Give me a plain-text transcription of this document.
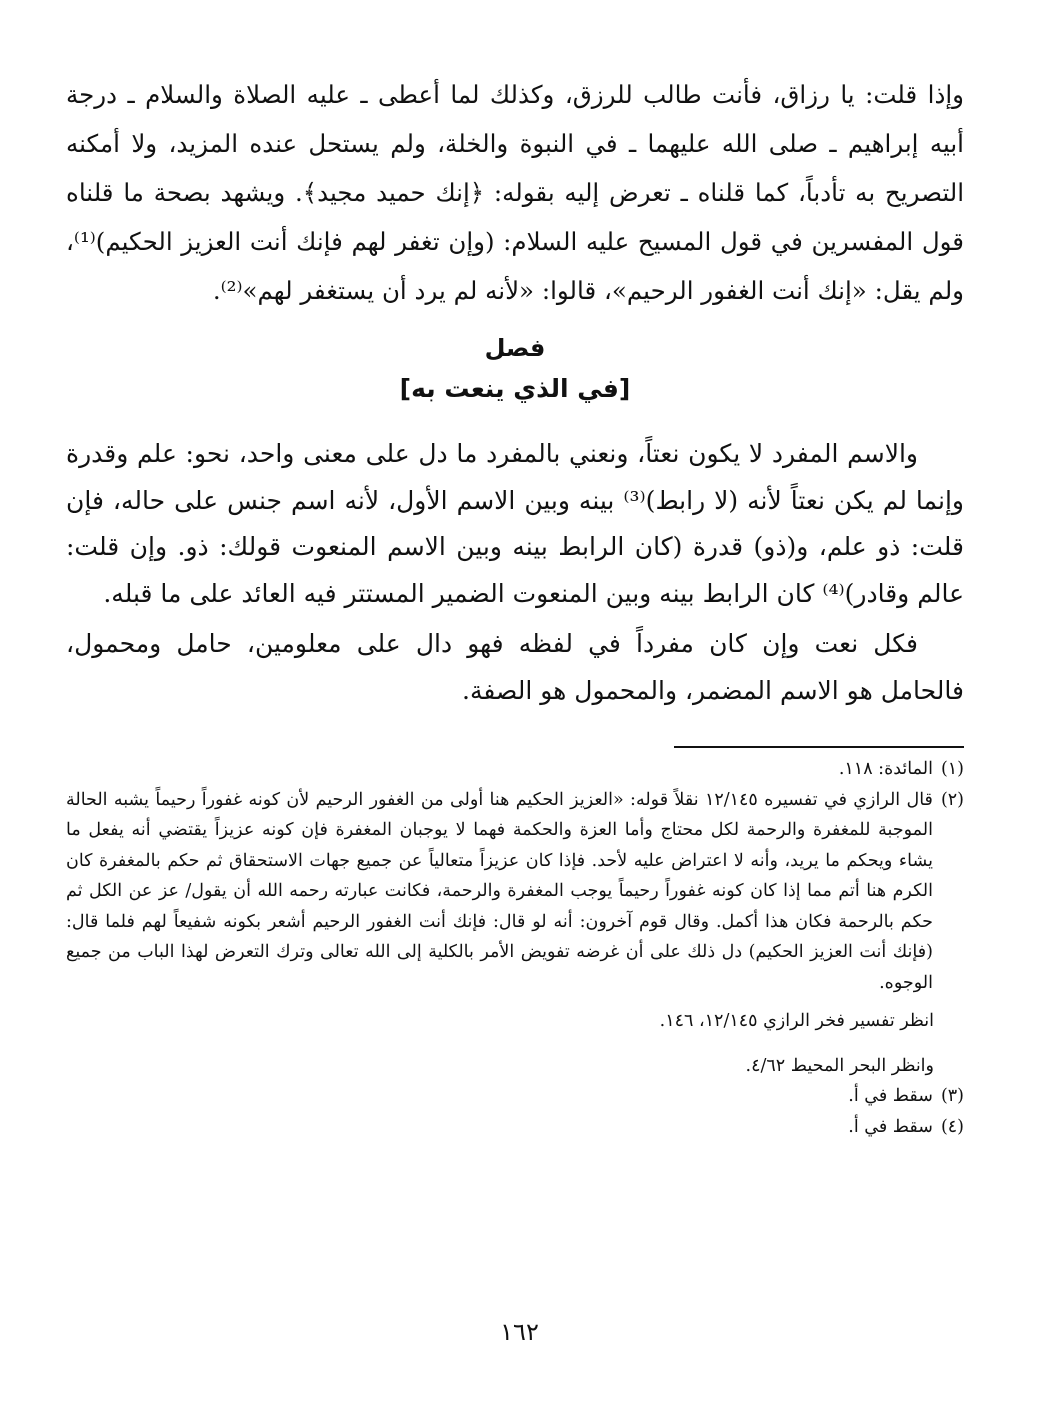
وإذا قلت: يا رزاق، فأنت طالب للرزق، وكذلك لما أعطى ـ عليه الصلاة والسلام ـ درجة أبيه إبراهيم ـ صلى الله عليهما ـ في النبوة والخلة، ولم يستحل عنده المزيد، ولا أمكنه التصريح به تأدباً، كما قلناه ـ تعرض إليه بقوله: ﴿إنك حميد مجيد﴾. ويشهد بصحة ما قلناه قول المفسرين في قول المسيح عليه السلام: (وإن تغفر لهم فإنك أنت العزيز الحكيم)⁽¹⁾، ولم يقل: «إنك أنت الغفور الرحيم»، قالوا: «لأنه لم يرد أن يستغفر لهم»⁽²⁾.

فصل
[في الذي ينعت به]

والاسم المفرد لا يكون نعتاً، ونعني بالمفرد ما دل على معنى واحد، نحو: علم وقدرة وإنما لم يكن نعتاً لأنه (لا رابط)⁽³⁾ بينه وبين الاسم الأول، لأنه اسم جنس على حاله، فإن قلت: ذو علم، و(ذو) قدرة (كان الرابط بينه وبين الاسم المنعوت قولك: ذو. وإن قلت: عالم وقادر)⁽⁴⁾ كان الرابط بينه وبين المنعوت الضمير المستتر فيه العائد على ما قبله.

فكل نعت وإن كان مفرداً في لفظه فهو دال على معلومين، حامل ومحمول، فالحامل هو الاسم المضمر، والمحمول هو الصفة.

(١)
المائدة: ١١٨.
(٢)
قال الرازي في تفسيره ١٢/١٤٥ نقلاً قوله: «العزيز الحكيم هنا أولى من الغفور الرحيم لأن كونه غفوراً رحيماً يشبه الحالة الموجبة للمغفرة والرحمة لكل محتاج وأما العزة والحكمة فهما لا يوجبان المغفرة فإن كونه عزيزاً يقتضي أنه يفعل ما يشاء ويحكم ما يريد، وأنه لا اعتراض عليه لأحد. فإذا كان عزيزاً متعالياً عن جميع جهات الاستحقاق ثم حكم بالمغفرة كان الكرم هنا أتم مما إذا كان كونه غفوراً رحيماً يوجب المغفرة والرحمة، فكانت عبارته رحمه الله أن يقول/ عز عن الكل ثم حكم بالرحمة فكان هذا أكمل. وقال قوم آخرون: أنه لو قال: فإنك أنت الغفور الرحيم أشعر بكونه شفيعاً لهم فلما قال: (فإنك أنت العزيز الحكيم) دل ذلك على أن غرضه تفويض الأمر بالكلية إلى الله تعالى وترك التعرض لهذا الباب من جميع الوجوه.
انظر تفسير فخر الرازي ١٢/١٤٥، ١٤٦.
وانظر البحر المحيط ٤/٦٢.
(٣)
سقط في أ.
(٤)
سقط في أ.
١٦٢
